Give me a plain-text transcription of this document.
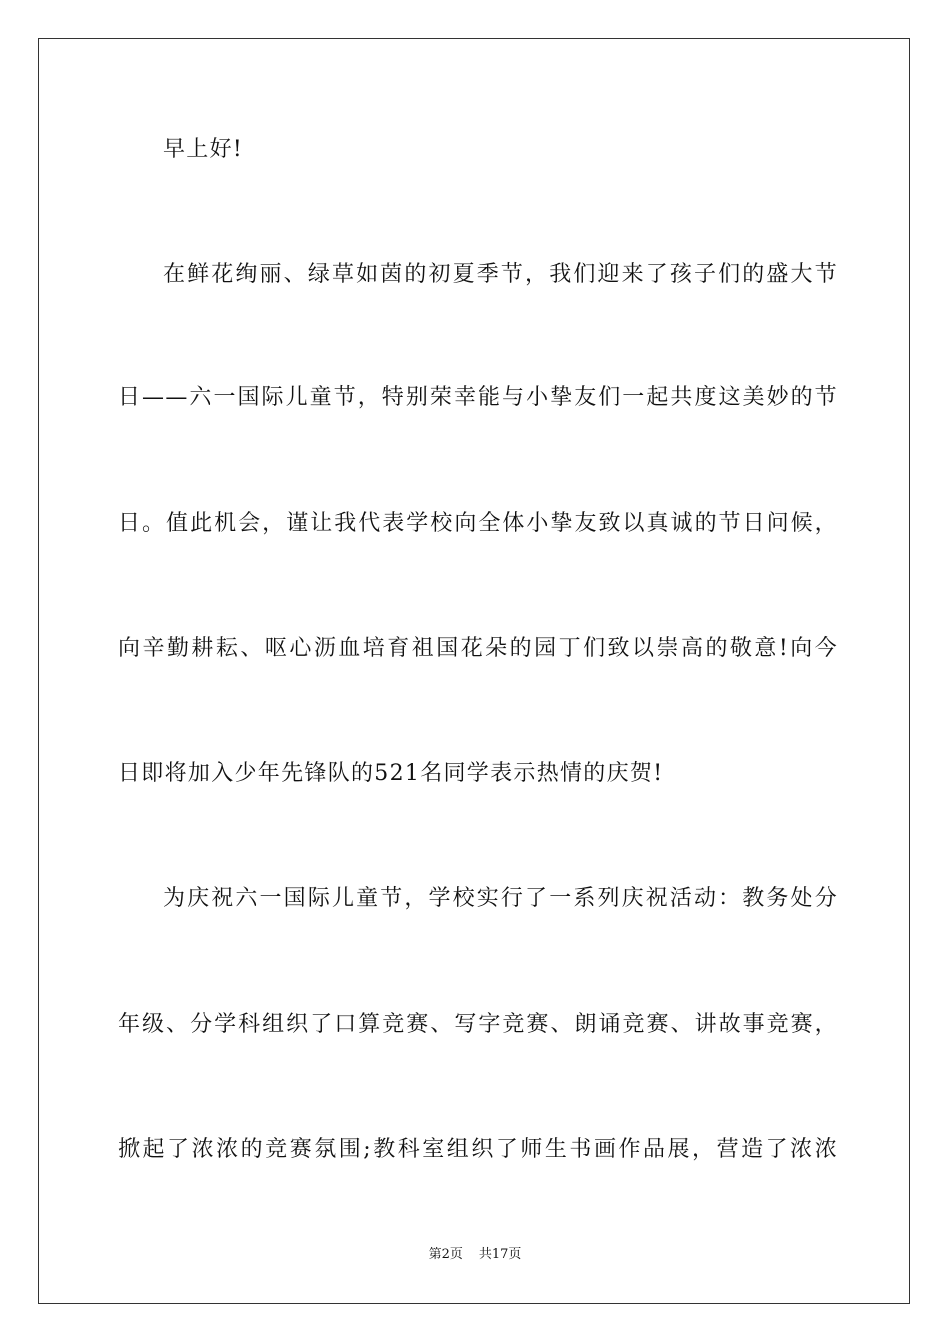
早上好!
在鲜花绚丽、绿草如茵的初夏季节，我们迎来了孩子们的盛大节
日——六一国际儿童节，特别荣幸能与小挚友们一起共度这美妙的节
日。值此机会，谨让我代表学校向全体小挚友致以真诚的节日问候，
向辛勤耕耘、呕心沥血培育祖国花朵的园丁们致以崇高的敬意!向今
日即将加入少年先锋队的521名同学表示热情的庆贺!
为庆祝六一国际儿童节，学校实行了一系列庆祝活动：教务处分
年级、分学科组织了口算竞赛、写字竞赛、朗诵竞赛、讲故事竞赛，
掀起了浓浓的竞赛氛围;教科室组织了师生书画作品展，营造了浓浓
第2页 共17页
